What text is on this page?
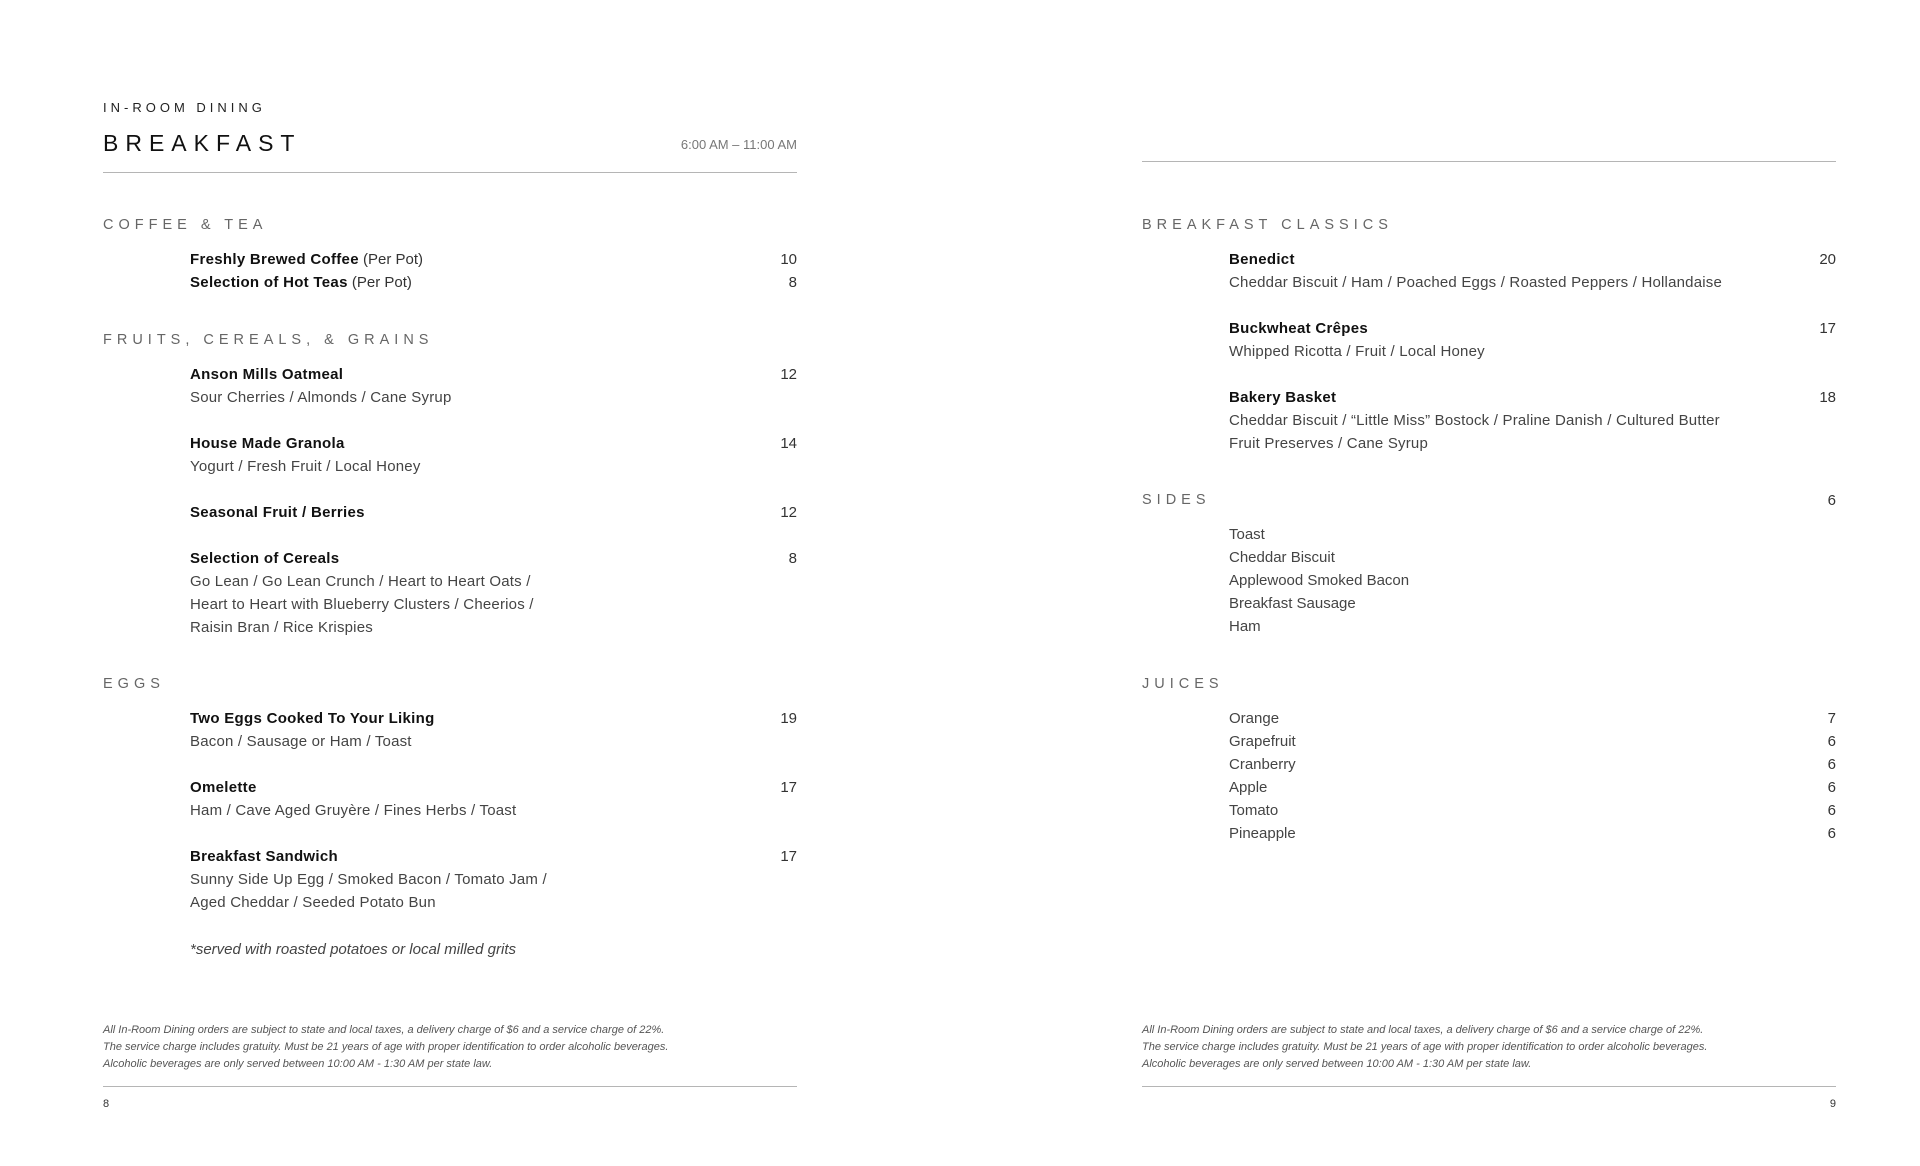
IN-ROOM DINING
BREAKFAST	6:00 AM – 11:00 AM
COFFEE & TEA
Freshly Brewed Coffee (Per Pot)	10
Selection of Hot Teas (Per Pot)	8
FRUITS, CEREALS, & GRAINS
Anson Mills Oatmeal	12
Sour Cherries / Almonds / Cane Syrup
House Made Granola	14
Yogurt / Fresh Fruit / Local Honey
Seasonal Fruit / Berries	12
Selection of Cereals	8
Go Lean / Go Lean Crunch / Heart to Heart Oats /
Heart to Heart with Blueberry Clusters / Cheerios /
Raisin Bran / Rice Krispies
EGGS
Two Eggs Cooked To Your Liking	19
Bacon / Sausage or Ham / Toast
Omelette	17
Ham / Cave Aged Gruyère / Fines Herbs / Toast
Breakfast Sandwich	17
Sunny Side Up Egg / Smoked Bacon / Tomato Jam /
Aged Cheddar / Seeded Potato Bun
*served with roasted potatoes or local milled grits
All In-Room Dining orders are subject to state and local taxes, a delivery charge of $6 and a service charge of 22%.
The service charge includes gratuity. Must be 21 years of age with proper identification to order alcoholic beverages.
Alcoholic beverages are only served between 10:00 AM - 1:30 AM per state law.
8
BREAKFAST CLASSICS
Benedict	20
Cheddar Biscuit / Ham / Poached Eggs / Roasted Peppers / Hollandaise
Buckwheat Crêpes	17
Whipped Ricotta / Fruit / Local Honey
Bakery Basket	18
Cheddar Biscuit / “Little Miss” Bostock / Praline Danish / Cultured Butter
Fruit Preserves / Cane Syrup
SIDES	6
Toast
Cheddar Biscuit
Applewood Smoked Bacon
Breakfast Sausage
Ham
JUICES
Orange	7
Grapefruit	6
Cranberry	6
Apple	6
Tomato	6
Pineapple	6
All In-Room Dining orders are subject to state and local taxes, a delivery charge of $6 and a service charge of 22%.
The service charge includes gratuity. Must be 21 years of age with proper identification to order alcoholic beverages.
Alcoholic beverages are only served between 10:00 AM - 1:30 AM per state law.
9
